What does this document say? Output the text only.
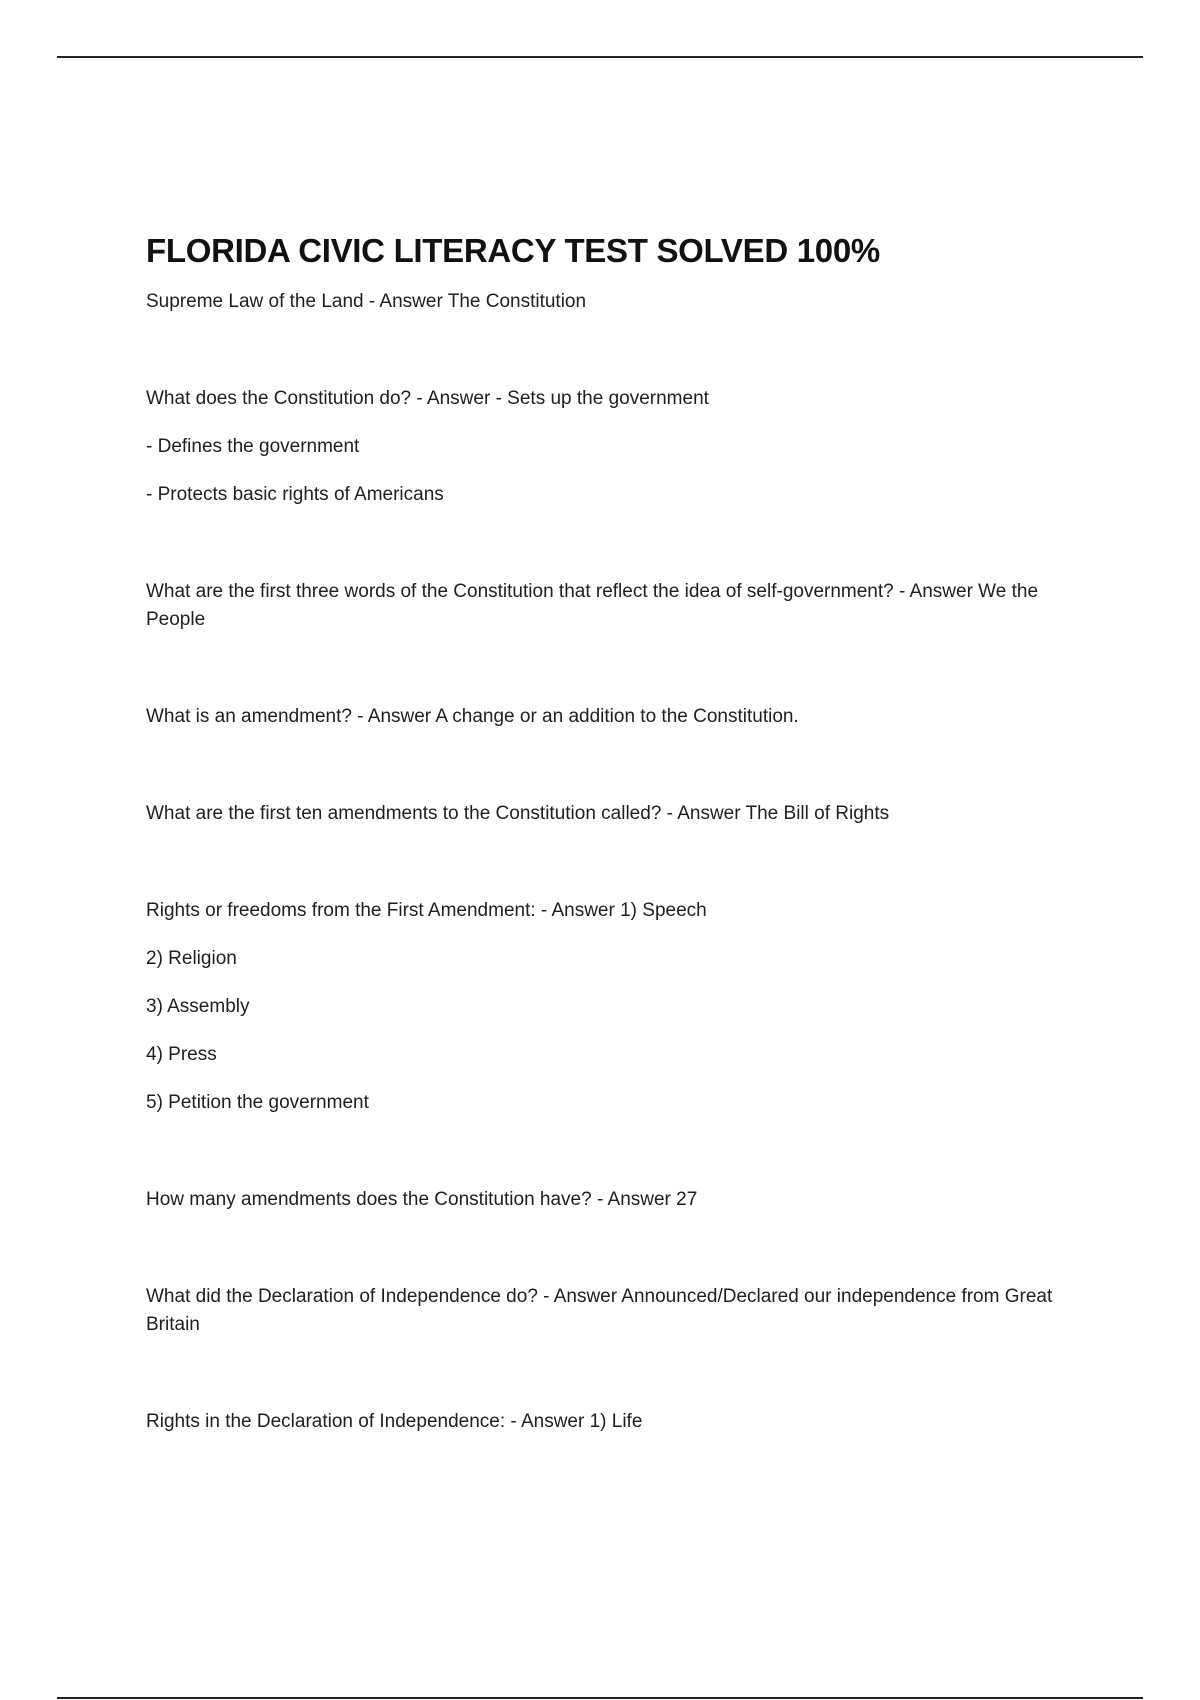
FLORIDA CIVIC LITERACY TEST SOLVED 100%
Supreme Law of the Land - Answer The Constitution
What does the Constitution do? - Answer - Sets up the government
- Defines the government
- Protects basic rights of Americans
What are the first three words of the Constitution that reflect the idea of self-government? - Answer We the People
What is an amendment? - Answer A change or an addition to the Constitution.
What are the first ten amendments to the Constitution called? - Answer The Bill of Rights
Rights or freedoms from the First Amendment: - Answer 1) Speech
2) Religion
3) Assembly
4) Press
5) Petition the government
How many amendments does the Constitution have? - Answer 27
What did the Declaration of Independence do? - Answer Announced/Declared our independence from Great Britain
Rights in the Declaration of Independence: - Answer 1) Life
